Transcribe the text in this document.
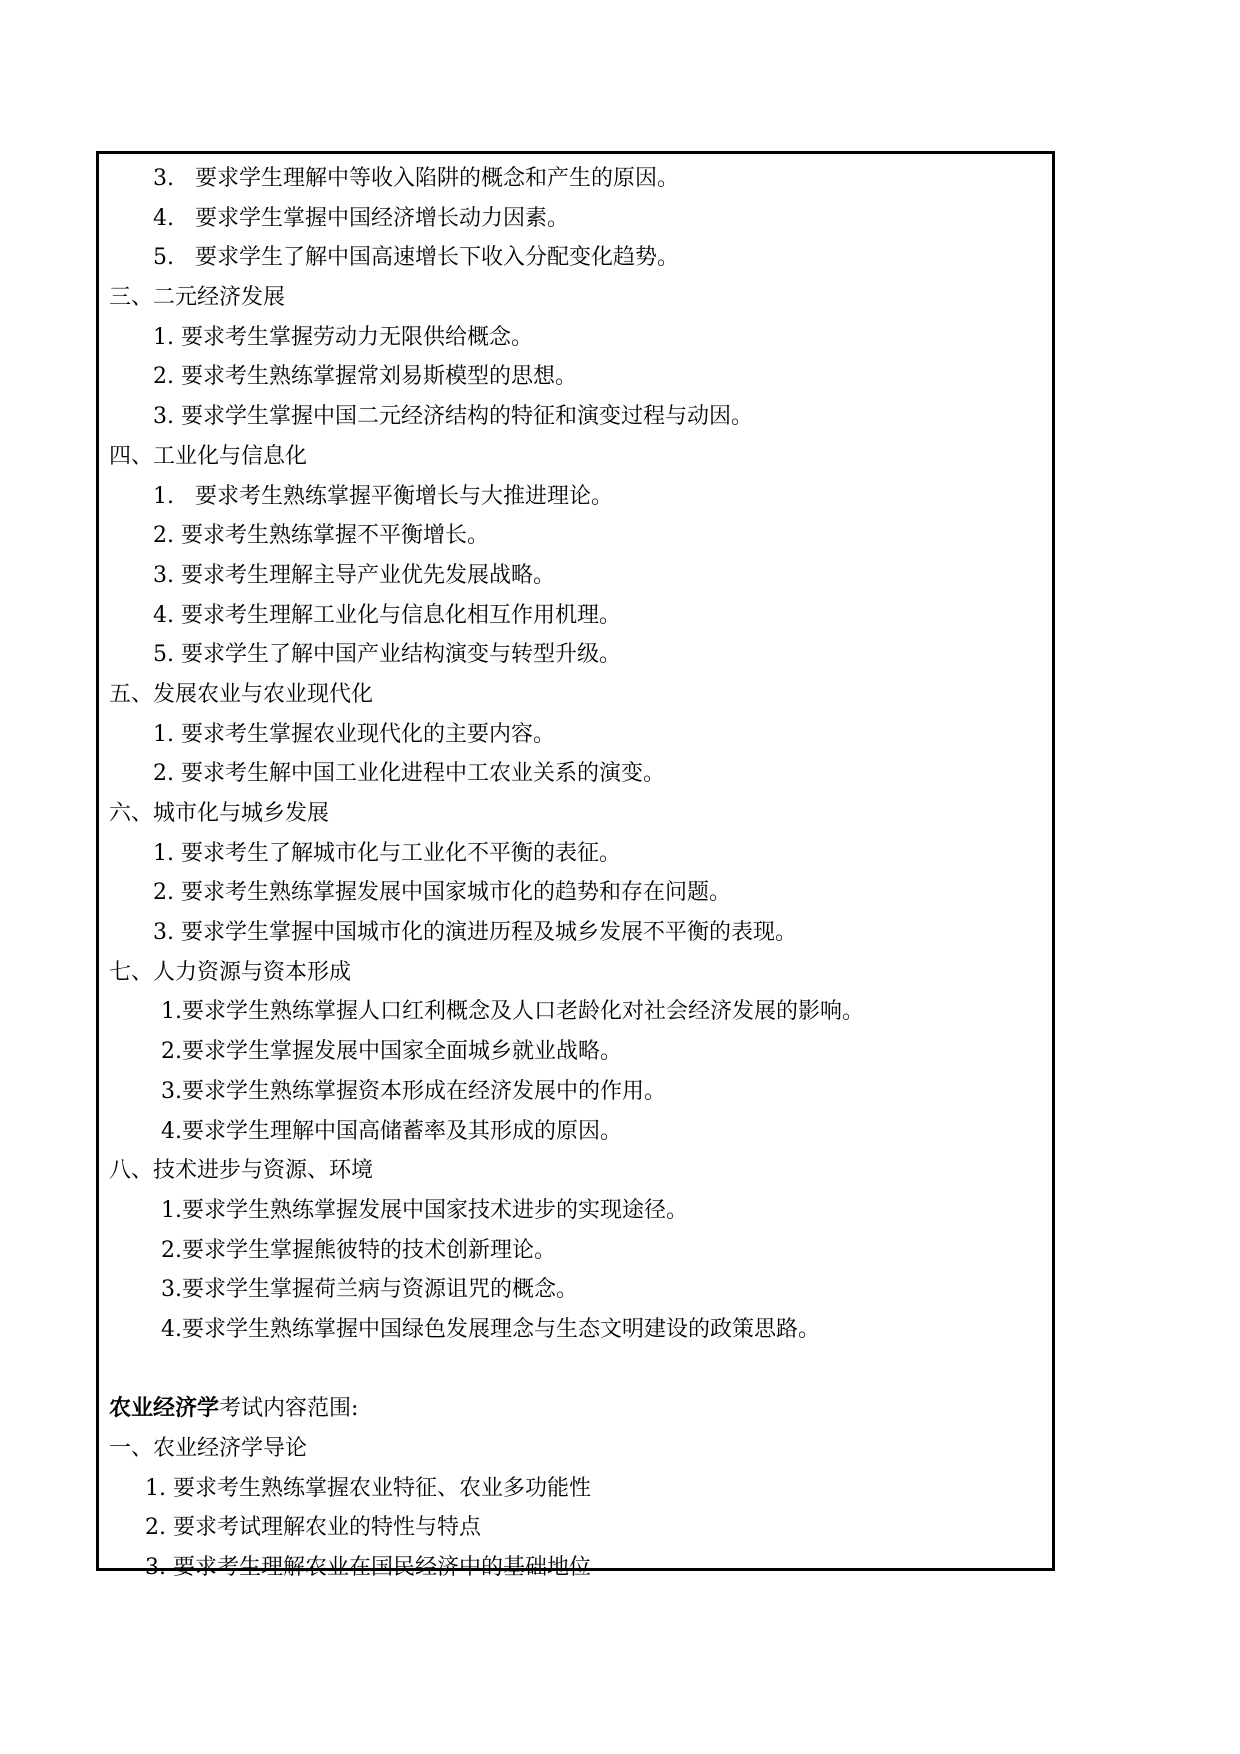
3.   要求学生理解中等收入陷阱的概念和产生的原因。
4.   要求学生掌握中国经济增长动力因素。
5.   要求学生了解中国高速增长下收入分配变化趋势。
三、二元经济发展
1. 要求考生掌握劳动力无限供给概念。
2. 要求考生熟练掌握常刘易斯模型的思想。
3. 要求学生掌握中国二元经济结构的特征和演变过程与动因。
四、工业化与信息化
1.   要求考生熟练掌握平衡增长与大推进理论。
2. 要求考生熟练掌握不平衡增长。
3. 要求考生理解主导产业优先发展战略。
4. 要求考生理解工业化与信息化相互作用机理。
5. 要求学生了解中国产业结构演变与转型升级。
五、发展农业与农业现代化
1. 要求考生掌握农业现代化的主要内容。
2. 要求考生解中国工业化进程中工农业关系的演变。
六、城市化与城乡发展
1. 要求考生了解城市化与工业化不平衡的表征。
2. 要求考生熟练掌握发展中国家城市化的趋势和存在问题。
3. 要求学生掌握中国城市化的演进历程及城乡发展不平衡的表现。
七、人力资源与资本形成
1.要求学生熟练掌握人口红利概念及人口老龄化对社会经济发展的影响。
2.要求学生掌握发展中国家全面城乡就业战略。
3.要求学生熟练掌握资本形成在经济发展中的作用。
4.要求学生理解中国高储蓄率及其形成的原因。
八、技术进步与资源、环境
1.要求学生熟练掌握发展中国家技术进步的实现途径。
2.要求学生掌握熊彼特的技术创新理论。
3.要求学生掌握荷兰病与资源诅咒的概念。
4.要求学生熟练掌握中国绿色发展理念与生态文明建设的政策思路。
农业经济学考试内容范围:
一、农业经济学导论
1. 要求考生熟练掌握农业特征、农业多功能性
2. 要求考试理解农业的特性与特点
3. 要求考生理解农业在国民经济中的基础地位
